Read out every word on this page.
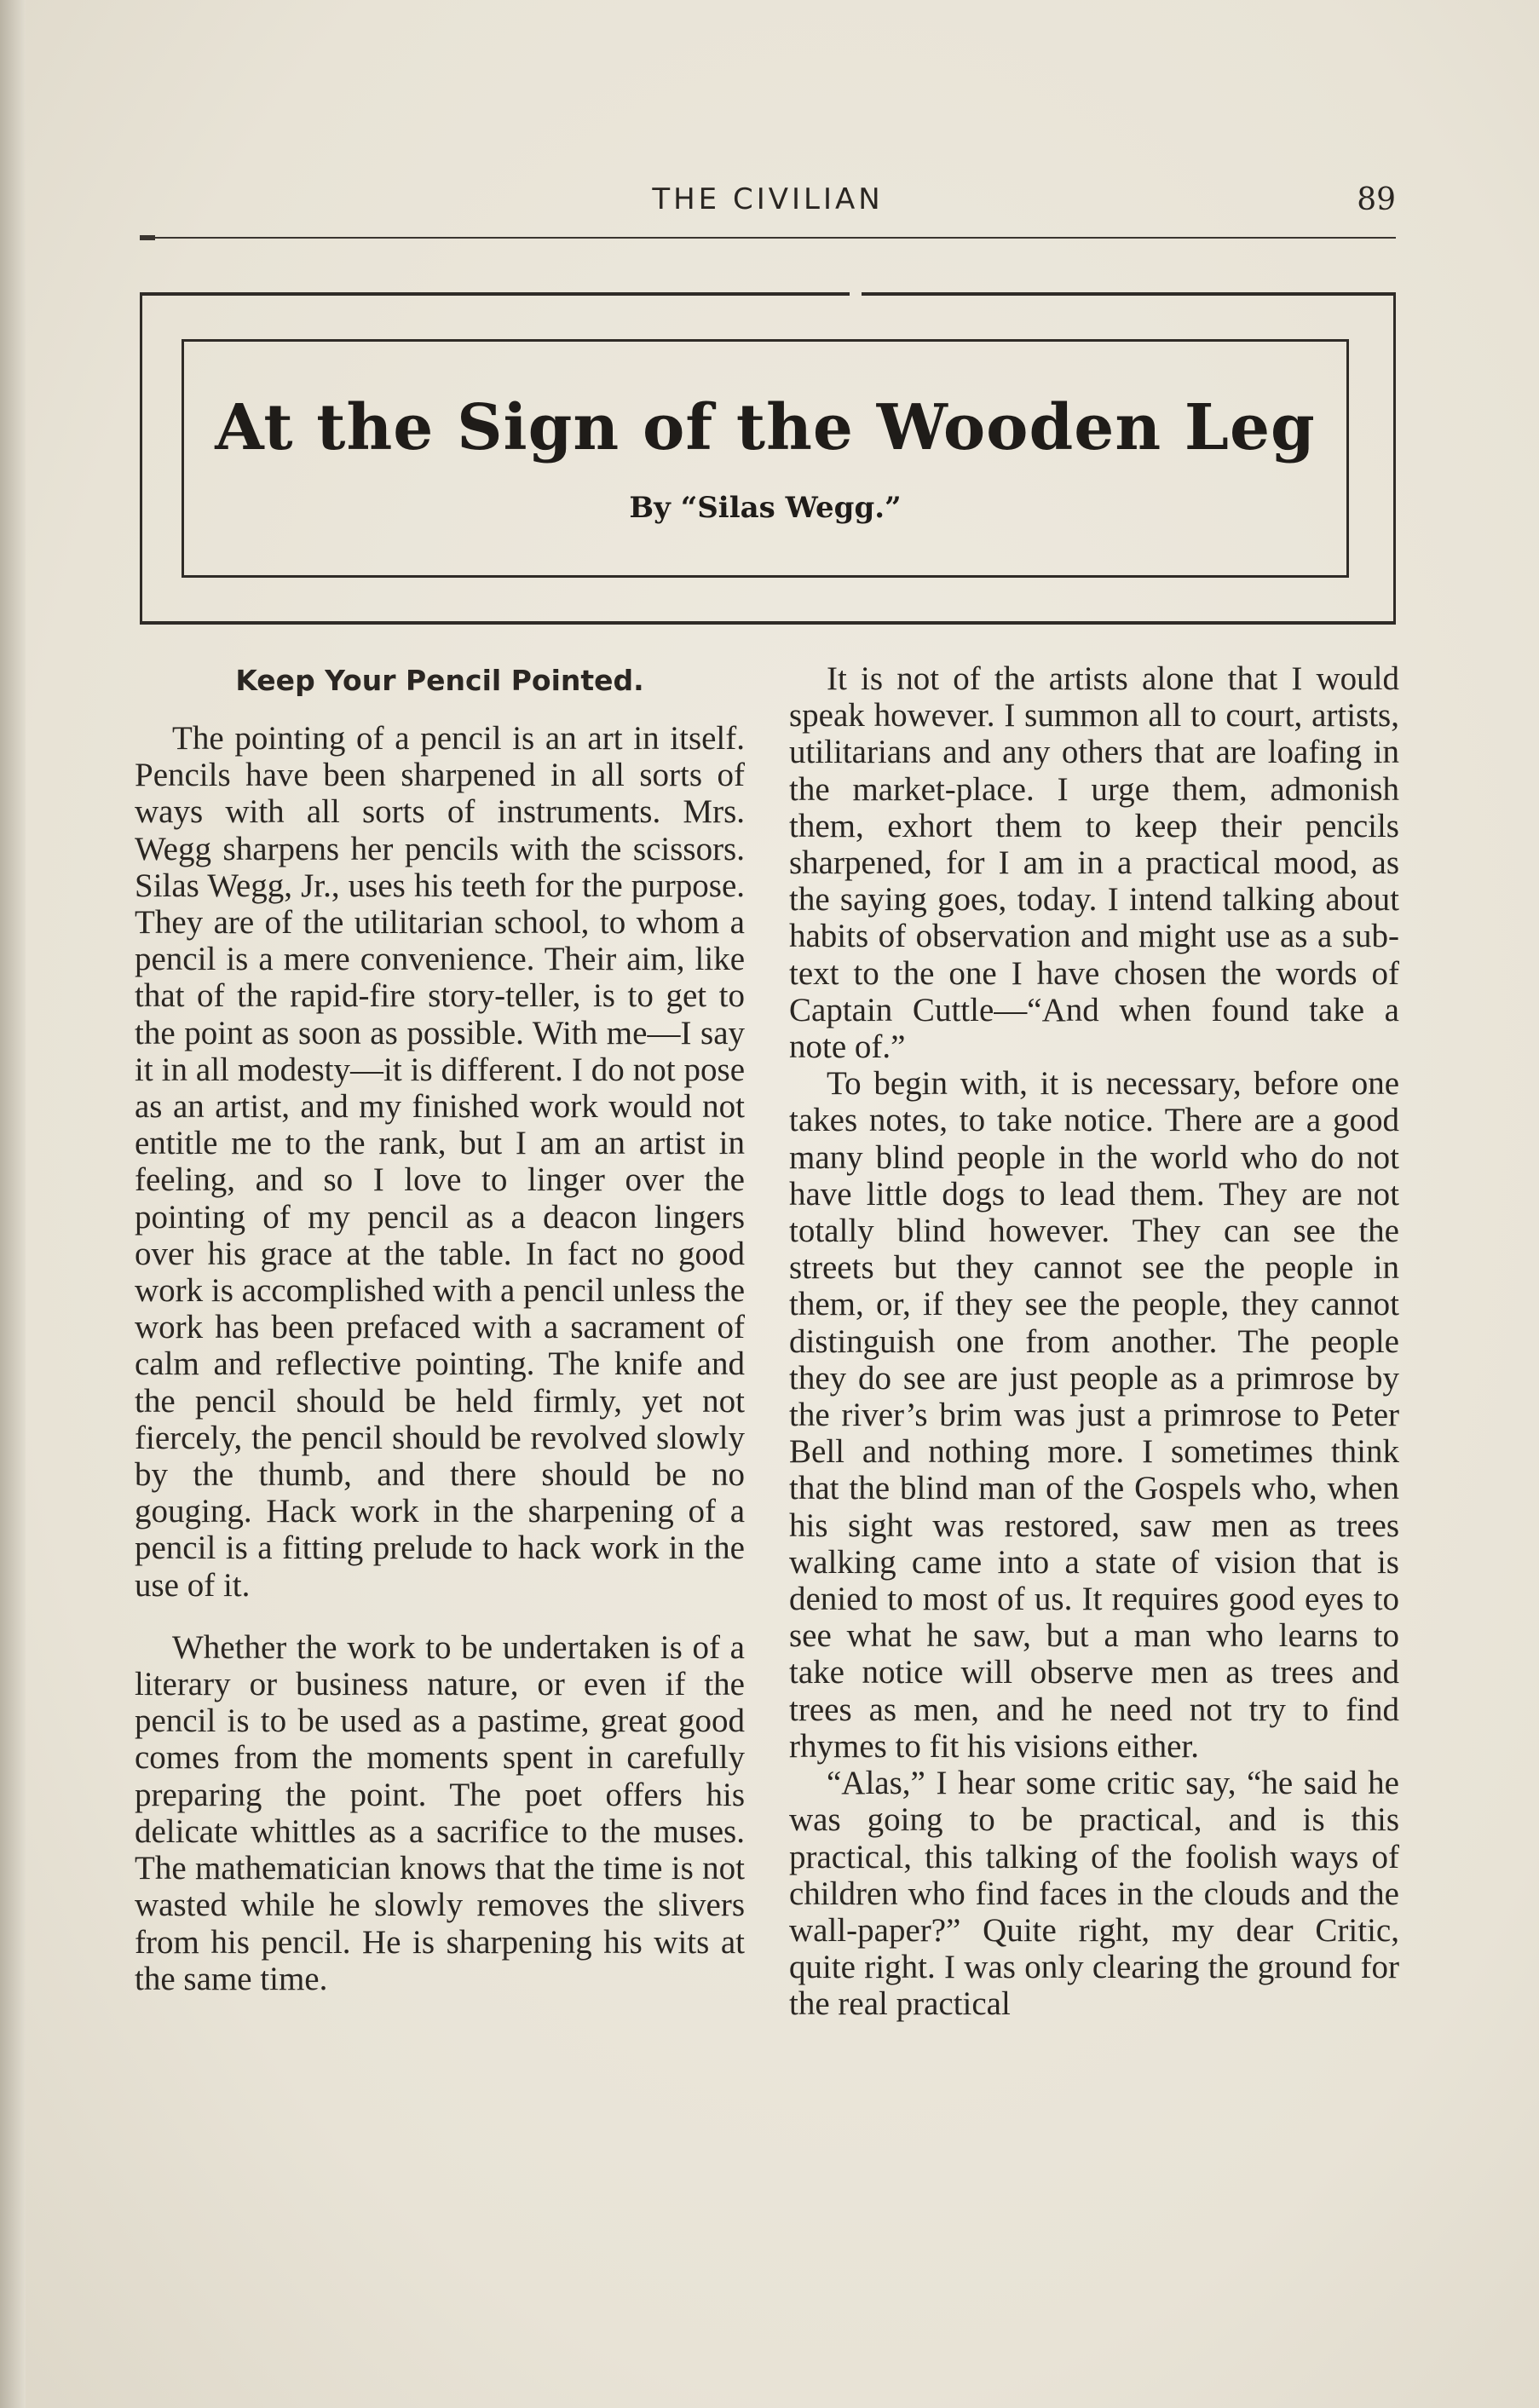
THE CIVILIAN	89
At the Sign of the Wooden Leg
By “Silas Wegg.”
Keep Your Pencil Pointed.

The pointing of a pencil is an art in itself. Pencils have been sharpened in all sorts of ways with all sorts of instruments. Mrs. Wegg sharpens her pencils with the scissors. Silas Wegg, Jr., uses his teeth for the purpose. They are of the utilitarian school, to whom a pencil is a mere convenience. Their aim, like that of the rapid-fire story-teller, is to get to the point as soon as possible. With me—I say it in all modesty—it is different. I do not pose as an artist, and my finished work would not entitle me to the rank, but I am an artist in feeling, and so I love to linger over the pointing of my pencil as a deacon lingers over his grace at the table. In fact no good work is accomplished with a pencil unless the work has been prefaced with a sacrament of calm and reflective pointing. The knife and the pencil should be held firmly, yet not fiercely, the pencil should be revolved slowly by the thumb, and there should be no gouging. Hack work in the sharpening of a pencil is a fitting prelude to hack work in the use of it.

Whether the work to be undertaken is of a literary or business nature, or even if the pencil is to be used as a pastime, great good comes from the moments spent in carefully preparing the point. The poet offers his delicate whittles as a sacrifice to the muses. The mathematician knows that the time is not wasted while he slowly removes the slivers from his pencil. He is sharpening his wits at the same time.

It is not of the artists alone that I would speak however. I summon all to court, artists, utilitarians and any others that are loafing in the market-place. I urge them, admonish them, exhort them to keep their pencils sharpened, for I am in a practical mood, as the saying goes, today. I intend talking about habits of observation and might use as a sub-text to the one I have chosen the words of Captain Cuttle—“And when found take a note of.”

To begin with, it is necessary, before one takes notes, to take notice. There are a good many blind people in the world who do not have little dogs to lead them. They are not totally blind however. They can see the streets but they cannot see the people in them, or, if they see the people, they cannot distinguish one from another. The people they do see are just people as a primrose by the river’s brim was just a primrose to Peter Bell and nothing more. I sometimes think that the blind man of the Gospels who, when his sight was restored, saw men as trees walking came into a state of vision that is denied to most of us. It requires good eyes to see what he saw, but a man who learns to take notice will observe men as trees and trees as men, and he need not try to find rhymes to fit his visions either.

“Alas,” I hear some critic say, “he said he was going to be practical, and is this practical, this talking of the foolish ways of children who find faces in the clouds and the wall-paper?” Quite right, my dear Critic, quite right. I was only clearing the ground for the real practical
